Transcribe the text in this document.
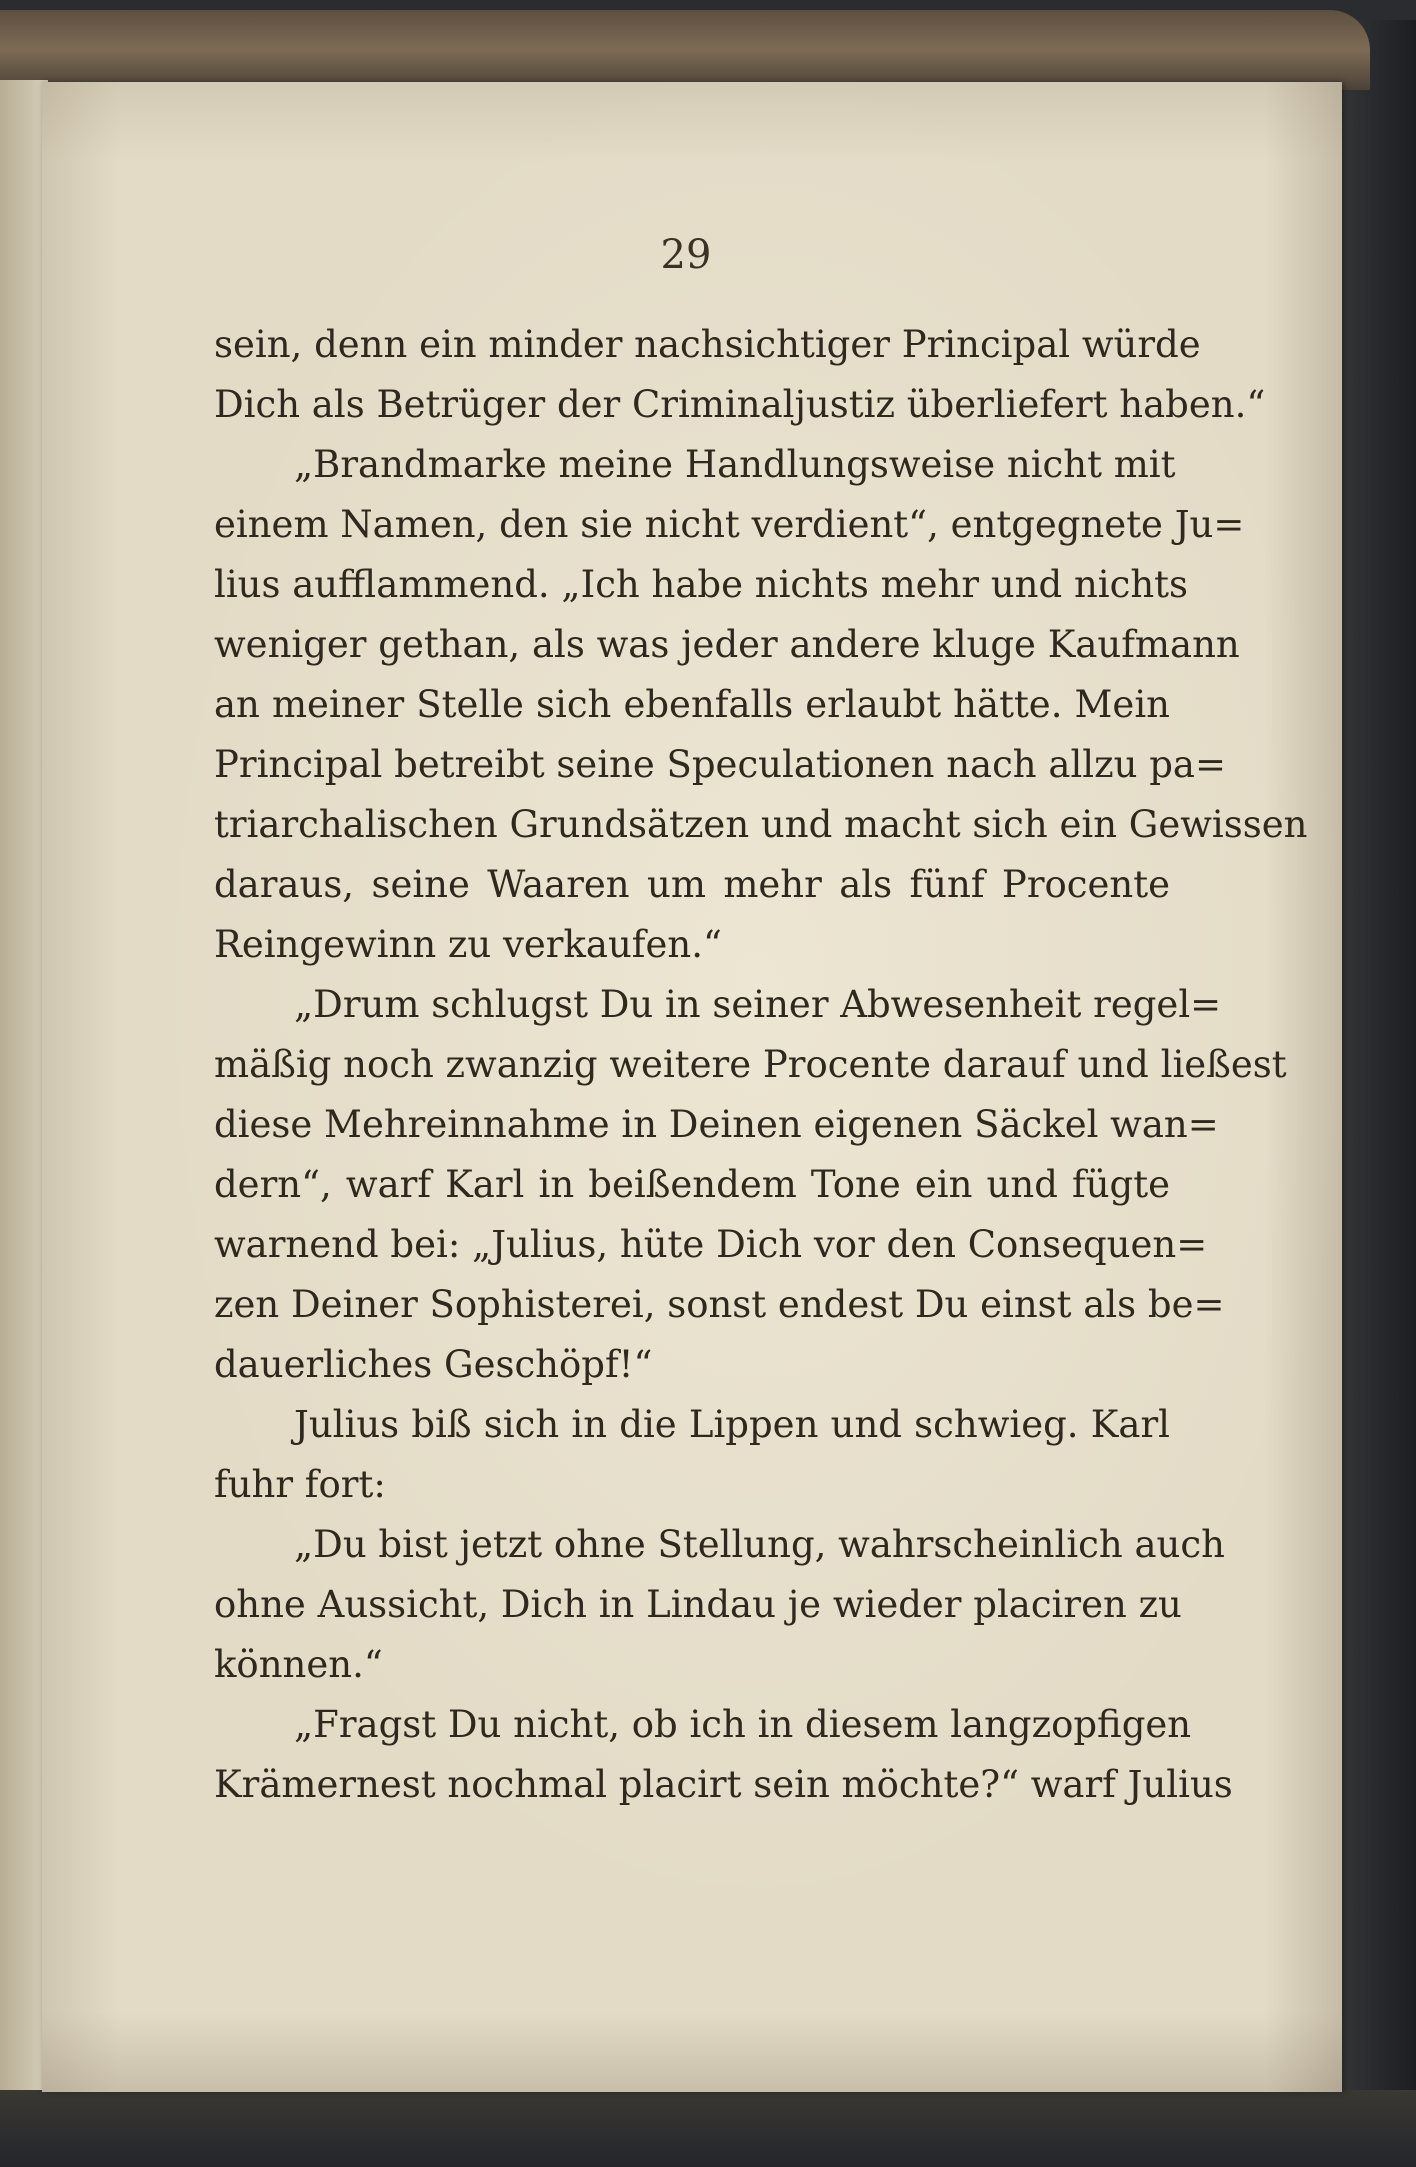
29
sein, denn ein minder nachsichtiger Principal würde
Dich als Betrüger der Criminaljustiz überliefert haben.“
„Brandmarke meine Handlungsweise nicht mit
einem Namen, den sie nicht verdient“, entgegnete Ju=
lius aufflammend. „Ich habe nichts mehr und nichts
weniger gethan, als was jeder andere kluge Kaufmann
an meiner Stelle sich ebenfalls erlaubt hätte. Mein
Principal betreibt seine Speculationen nach allzu pa=
triarchalischen Grundsätzen und macht sich ein Gewissen
daraus, seine Waaren um mehr als fünf Procente
Reingewinn zu verkaufen.“
„Drum schlugst Du in seiner Abwesenheit regel=
mäßig noch zwanzig weitere Procente darauf und ließest
diese Mehreinnahme in Deinen eigenen Säckel wan=
dern“, warf Karl in beißendem Tone ein und fügte
warnend bei: „Julius, hüte Dich vor den Consequen=
zen Deiner Sophisterei, sonst endest Du einst als be=
dauerliches Geschöpf!“
Julius biß sich in die Lippen und schwieg. Karl
fuhr fort:
„Du bist jetzt ohne Stellung, wahrscheinlich auch
ohne Aussicht, Dich in Lindau je wieder placiren zu
können.“
„Fragst Du nicht, ob ich in diesem langzopfigen
Krämernest nochmal placirt sein möchte?“ warf Julius
